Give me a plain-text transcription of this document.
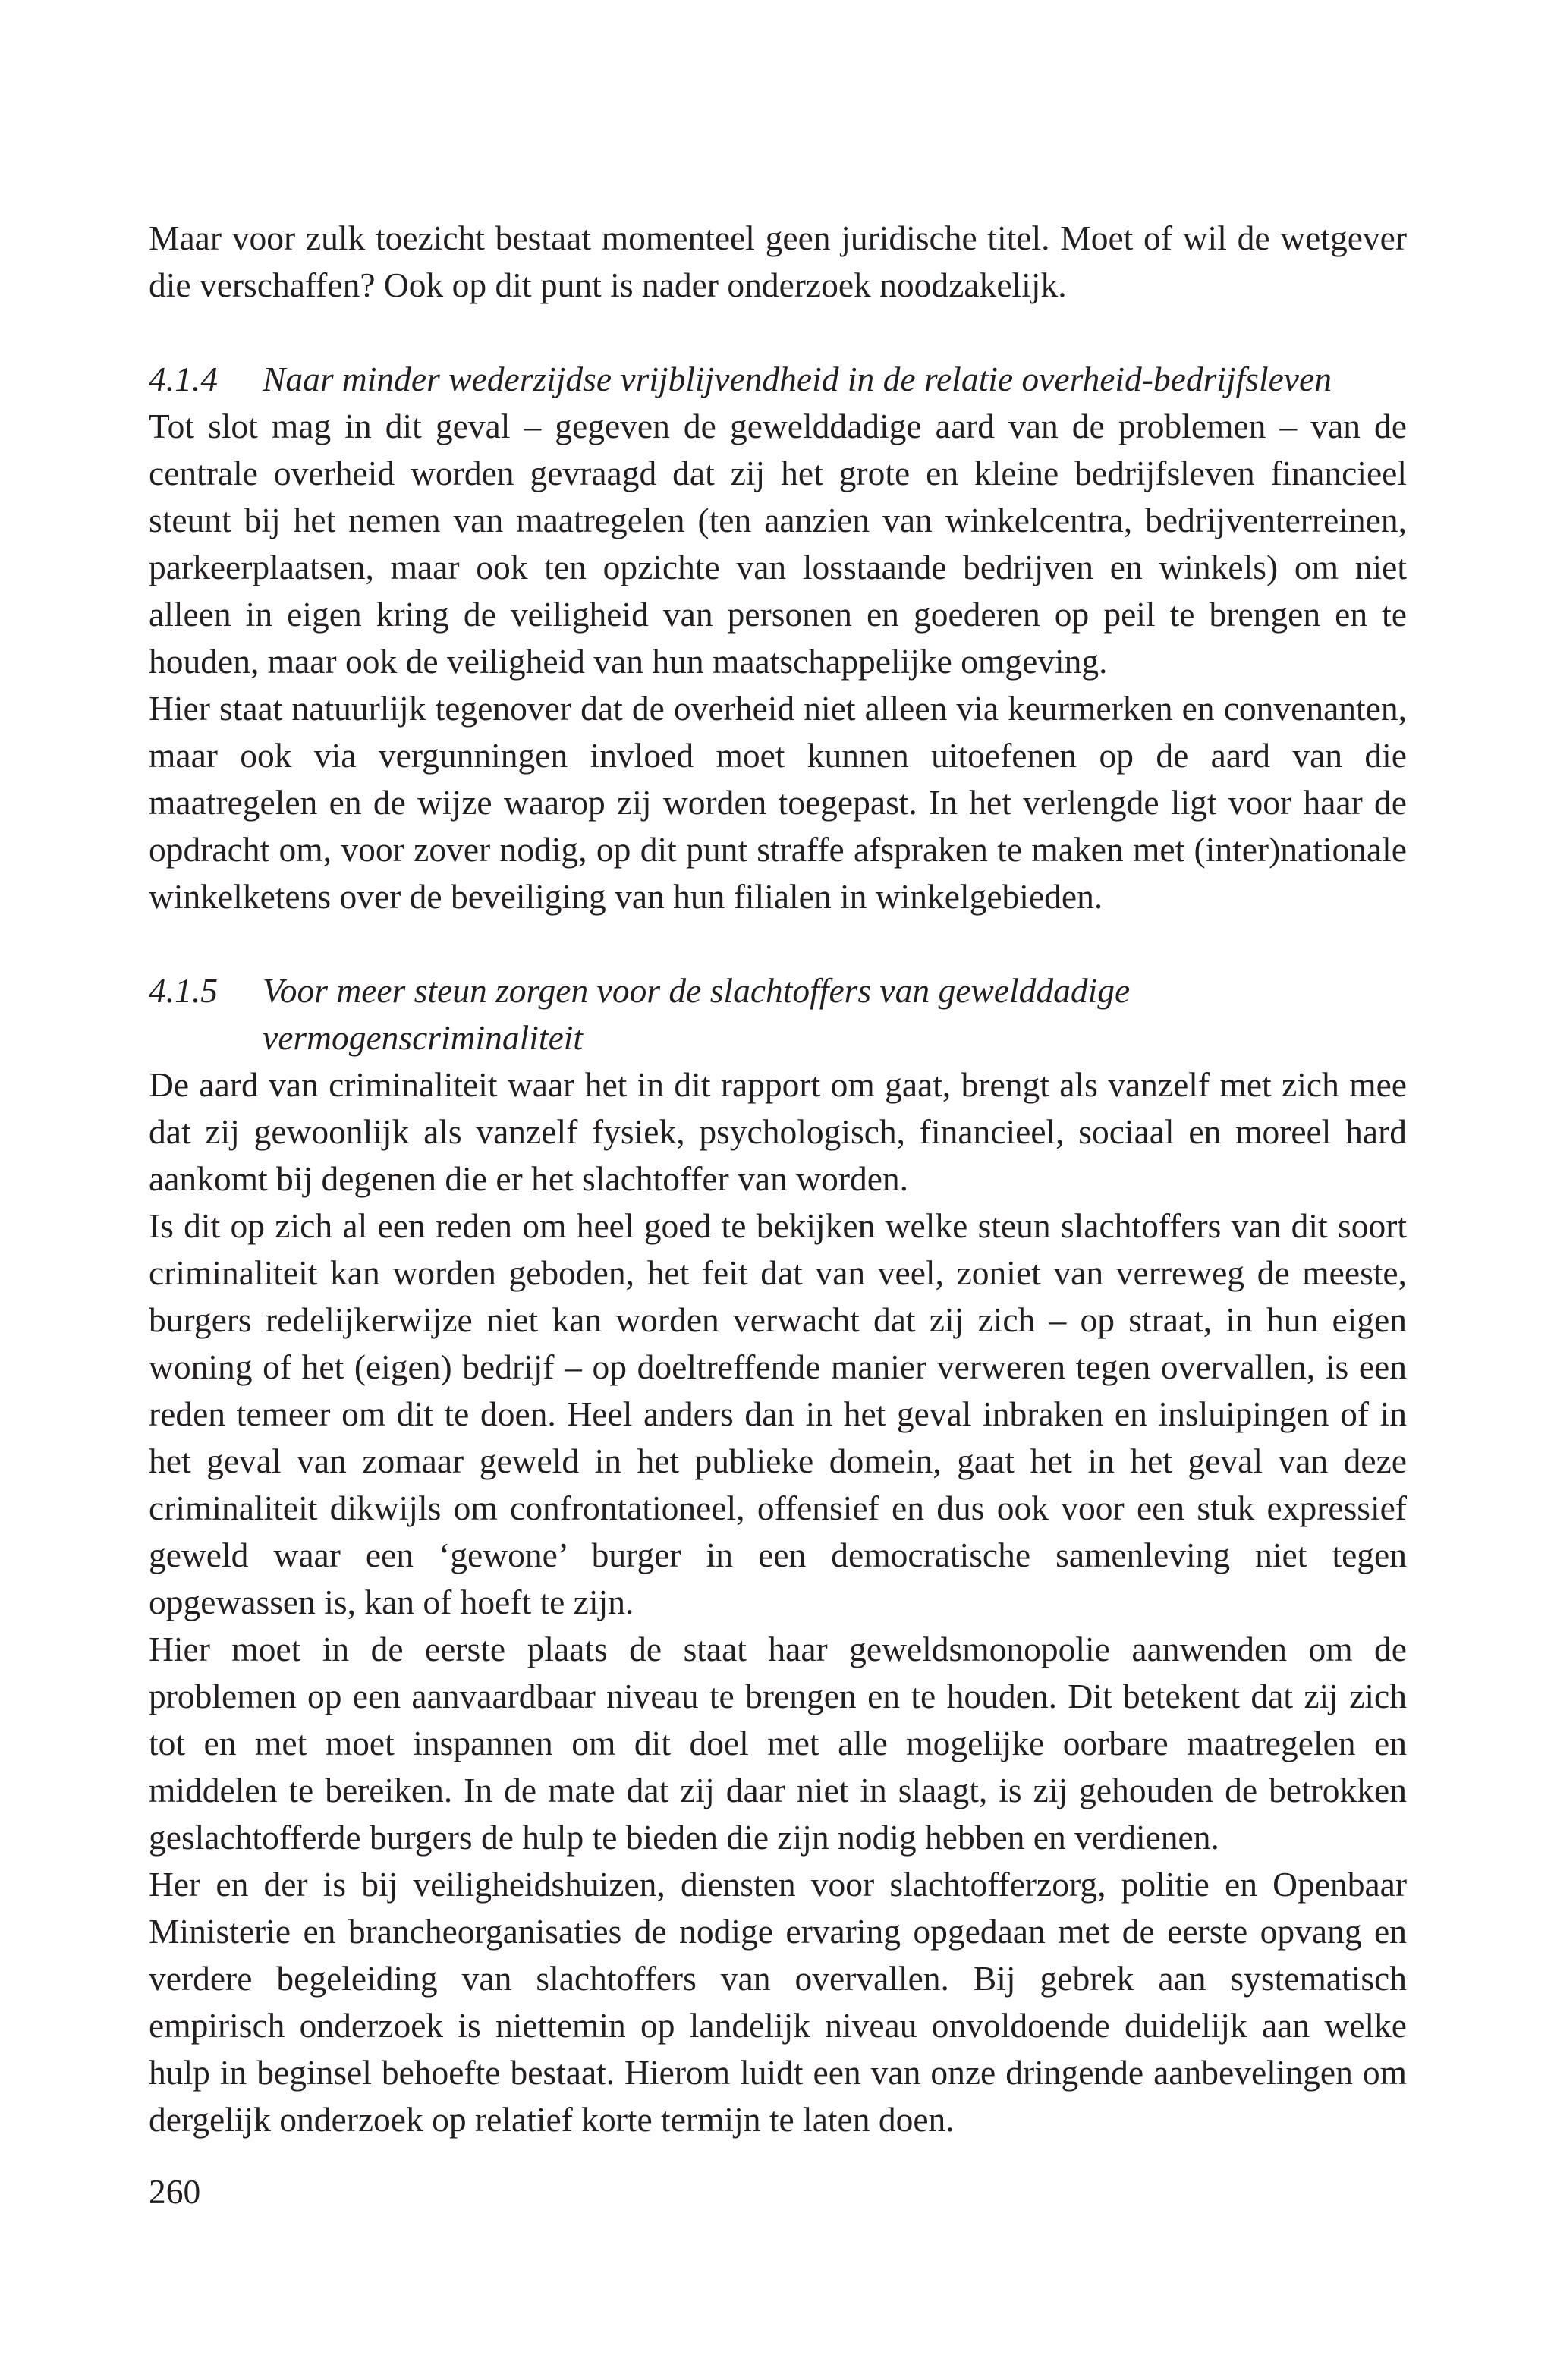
Maar voor zulk toezicht bestaat momenteel geen juridische titel. Moet of wil de wetgever die verschaffen? Ook op dit punt is nader onderzoek noodzakelijk.

4.1.4 Naar minder wederzijdse vrijblijvendheid in de relatie overheid-bedrijfsleven

Tot slot mag in dit geval – gegeven de gewelddadige aard van de problemen – van de centrale overheid worden gevraagd dat zij het grote en kleine bedrijfsleven financieel steunt bij het nemen van maatregelen (ten aanzien van winkelcentra, bedrijventerreinen, parkeerplaatsen, maar ook ten opzichte van losstaande bedrijven en winkels) om niet alleen in eigen kring de veiligheid van personen en goederen op peil te brengen en te houden, maar ook de veiligheid van hun maatschappelijke omgeving.

Hier staat natuurlijk tegenover dat de overheid niet alleen via keurmerken en convenanten, maar ook via vergunningen invloed moet kunnen uitoefenen op de aard van die maatregelen en de wijze waarop zij worden toegepast. In het verlengde ligt voor haar de opdracht om, voor zover nodig, op dit punt straffe afspraken te maken met (inter)nationale winkelketens over de beveiliging van hun filialen in winkelgebieden.

4.1.5 Voor meer steun zorgen voor de slachtoffers van gewelddadige vermogenscriminaliteit

De aard van criminaliteit waar het in dit rapport om gaat, brengt als vanzelf met zich mee dat zij gewoonlijk als vanzelf fysiek, psychologisch, financieel, sociaal en moreel hard aankomt bij degenen die er het slachtoffer van worden.

Is dit op zich al een reden om heel goed te bekijken welke steun slachtoffers van dit soort criminaliteit kan worden geboden, het feit dat van veel, zoniet van verreweg de meeste, burgers redelijkerwijze niet kan worden verwacht dat zij zich – op straat, in hun eigen woning of het (eigen) bedrijf – op doeltreffende manier verweren tegen overvallen, is een reden temeer om dit te doen. Heel anders dan in het geval inbraken en insluipingen of in het geval van zomaar geweld in het publieke domein, gaat het in het geval van deze criminaliteit dikwijls om confrontationeel, offensief en dus ook voor een stuk expressief geweld waar een ‘gewone’ burger in een democratische samenleving niet tegen opgewassen is, kan of hoeft te zijn.

Hier moet in de eerste plaats de staat haar geweldsmonopolie aanwenden om de problemen op een aanvaardbaar niveau te brengen en te houden. Dit betekent dat zij zich tot en met moet inspannen om dit doel met alle mogelijke oorbare maatregelen en middelen te bereiken. In de mate dat zij daar niet in slaagt, is zij gehouden de betrokken geslachtofferde burgers de hulp te bieden die zijn nodig hebben en verdienen.

Her en der is bij veiligheidshuizen, diensten voor slachtofferzorg, politie en Openbaar Ministerie en brancheorganisaties de nodige ervaring opgedaan met de eerste opvang en verdere begeleiding van slachtoffers van overvallen. Bij gebrek aan systematisch empirisch onderzoek is niettemin op landelijk niveau onvoldoende duidelijk aan welke hulp in beginsel behoefte bestaat. Hierom luidt een van onze dringende aanbevelingen om dergelijk onderzoek op relatief korte termijn te laten doen.

260
